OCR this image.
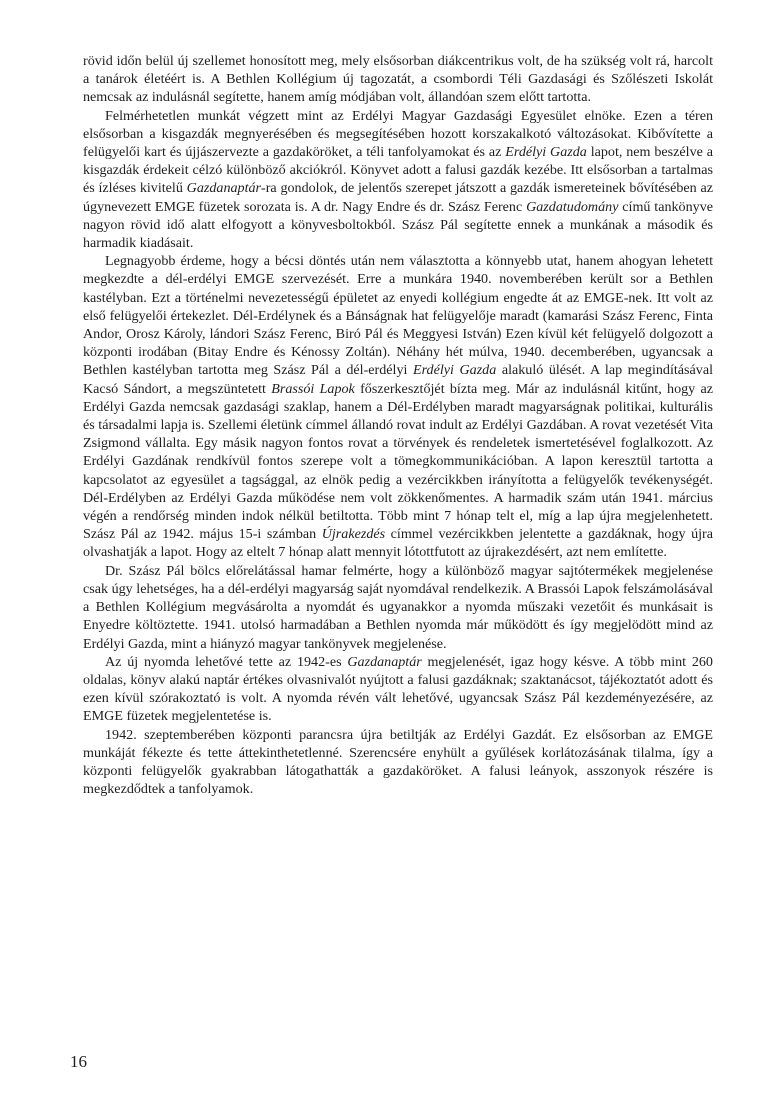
rövid időn belül új szellemet honosított meg, mely elsősorban diákcentrikus volt, de ha szükség volt rá, harcolt a tanárok életéért is. A Bethlen Kollégium új tagozatát, a csombordi Téli Gazdasági és Szőlészeti Iskolát nemcsak az indulásnál segítette, hanem amíg módjában volt, állandóan szem előtt tartotta.

Felmérhetetlen munkát végzett mint az Erdélyi Magyar Gazdasági Egyesület elnöke. Ezen a téren elsősorban a kisgazdák megnyerésében és megsegítésében hozott korszakalkotó változásokat. Kibővítette a felügyelői kart és újjászervezte a gazdaköröket, a téli tanfolyamokat és az Erdélyi Gazda lapot, nem beszélve a kisgazdák érdekeit célzó különböző akciókról. Könyvet adott a falusi gazdák kezébe. Itt elsősorban a tartalmas és ízléses kivitelű Gazdanaptár-ra gondolok, de jelentős szerepet játszott a gazdák ismereteinek bővítésében az úgynevezett EMGE füzetek sorozata is. A dr. Nagy Endre és dr. Szász Ferenc Gazdatudomány című tankönyve nagyon rövid idő alatt elfogyott a könyvesboltokból. Szász Pál segítette ennek a munkának a második és harmadik kiadásait.

Legnagyobb érdeme, hogy a bécsi döntés után nem választotta a könnyebb utat, hanem ahogyan lehetett megkezdte a dél-erdélyi EMGE szervezését. Erre a munkára 1940. novemberében került sor a Bethlen kastélyban. Ezt a történelmi nevezetességű épületet az enyedi kollégium engedte át az EMGE-nek. Itt volt az első felügyelői értekezlet. Dél-Erdélynek és a Bánságnak hat felügyelője maradt (kamarási Szász Ferenc, Finta Andor, Orosz Károly, lándori Szász Ferenc, Biró Pál és Meggyesi István) Ezen kívül két felügyelő dolgozott a központi irodában (Bitay Endre és Kénossy Zoltán). Néhány hét múlva, 1940. decemberében, ugyancsak a Bethlen kastélyban tartotta meg Szász Pál a dél-erdélyi Erdélyi Gazda alakuló ülését. A lap megindításával Kacsó Sándort, a megszüntetett Brassói Lapok főszerkesztőjét bízta meg. Már az indulásnál kitűnt, hogy az Erdélyi Gazda nemcsak gazdasági szaklap, hanem a Dél-Erdélyben maradt magyarságnak politikai, kulturális és társadalmi lapja is. Szellemi életünk címmel állandó rovat indult az Erdélyi Gazdában. A rovat vezetését Vita Zsigmond vállalta. Egy másik nagyon fontos rovat a törvények és rendeletek ismertetésével foglalkozott. Az Erdélyi Gazdának rendkívül fontos szerepe volt a tömegkommunikációban. A lapon keresztül tartotta a kapcsolatot az egyesület a tagsággal, az elnök pedig a vezércikkben irányította a felügyelők tevékenységét. Dél-Erdélyben az Erdélyi Gazda működése nem volt zökkenőmentes. A harmadik szám után 1941. március végén a rendőrség minden indok nélkül betiltotta. Több mint 7 hónap telt el, míg a lap újra megjelenhetett. Szász Pál az 1942. május 15-i számban Újrakezdés címmel vezércikkben jelentette a gazdáknak, hogy újra olvashatják a lapot. Hogy az eltelt 7 hónap alatt mennyit lótottfutott az újrakezdésért, azt nem említette.

Dr. Szász Pál bölcs előrelátással hamar felmérte, hogy a különböző magyar sajtótermékek megjelenése csak úgy lehetséges, ha a dél-erdélyi magyarság saját nyomdával rendelkezik. A Brassói Lapok felszámolásával a Bethlen Kollégium megvásárolta a nyomdát és ugyanakkor a nyomda műszaki vezetőit és munkásait is Enyedre költöztette. 1941. utolsó harmadában a Bethlen nyomda már működött és így megjelödött mind az Erdélyi Gazda, mint a hiányzó magyar tankönyvek megjelenése.

Az új nyomda lehetővé tette az 1942-es Gazdanaptár megjelenését, igaz hogy késve. A több mint 260 oldalas, könyv alakú naptár értékes olvasnivalót nyújtott a falusi gazdáknak; szaktanácsot, tájékoztatót adott és ezen kívül szórakoztató is volt. A nyomda révén vált lehetővé, ugyancsak Szász Pál kezdeményezésére, az EMGE füzetek megjelentetése is.

1942. szeptemberében központi parancsra újra betiltják az Erdélyi Gazdát. Ez elsősorban az EMGE munkáját fékezte és tette áttekinthetetlenné. Szerencsére enyhült a gyűlések korlátozásának tilalma, így a központi felügyelők gyakrabban látogathatták a gazdaköröket. A falusi leányok, asszonyok részére is megkezdődtek a tanfolyamok.

16
